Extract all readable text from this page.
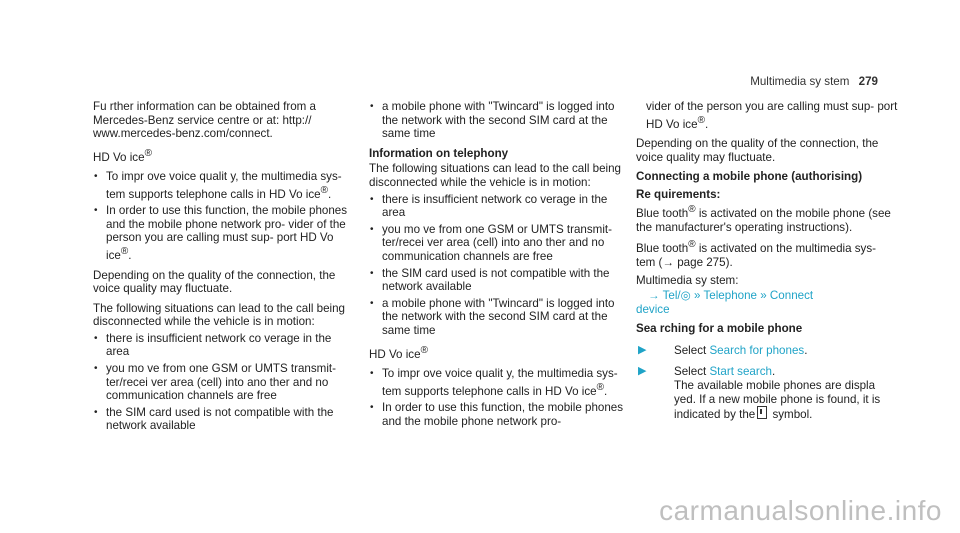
Multimedia sy stem 279

Fu rther information can be obtained from a
Mercedes-Benz service centre or at: http://
www.mercedes-benz.com/connect.

HD Vo ice®

• To impr ove voice qualit y, the multimedia sys‐ tem supports telephone calls in HD Vo ice®.
• In order to use this function, the mobile phones and the mobile phone network pro‐ vider of the person you are calling must sup‐ port HD Vo ice®.

Depending on the quality of the connection, the voice quality may fluctuate.

The following situations can lead to the call being disconnected while the vehicle is in motion:

• there is insufficient network co verage in the area
• you mo ve from one GSM or UMTS transmit‐ ter/recei ver area (cell) into ano ther and no communication channels are free
• the SIM card used is not compatible with the network available
• a mobile phone with "Twincard" is logged into the network with the second SIM card at the same time

Information on telephony

The following situations can lead to the call being disconnected while the vehicle is in motion:

• there is insufficient network co verage in the area
• you mo ve from one GSM or UMTS transmit‐ ter/recei ver area (cell) into ano ther and no communication channels are free
• the SIM card used is not compatible with the network available
• a mobile phone with "Twincard" is logged into the network with the second SIM card at the same time

HD Vo ice®

• To impr ove voice qualit y, the multimedia sys‐ tem supports telephone calls in HD Vo ice®.
• In order to use this function, the mobile phones and the mobile phone network pro‐

vider of the person you are calling must sup‐ port HD Vo ice®.

Depending on the quality of the connection, the voice quality may fluctuate.

Connecting a mobile phone (authorising)

Re quirements:

Blue tooth® is activated on the mobile phone (see the manufacturer's operating instructions).

Blue tooth® is activated on the multimedia sys‐ tem (→ page 275).

Multimedia sy stem:

→ Tel/◎ » Telephone » Connect
device

Sea rching for a mobile phone

▶ Select Search for phones.
▶ Select Start search.
The available mobile phones are displa yed. If a new mobile phone is found, it is indicated by the symbol.
carmanualsonline.info
